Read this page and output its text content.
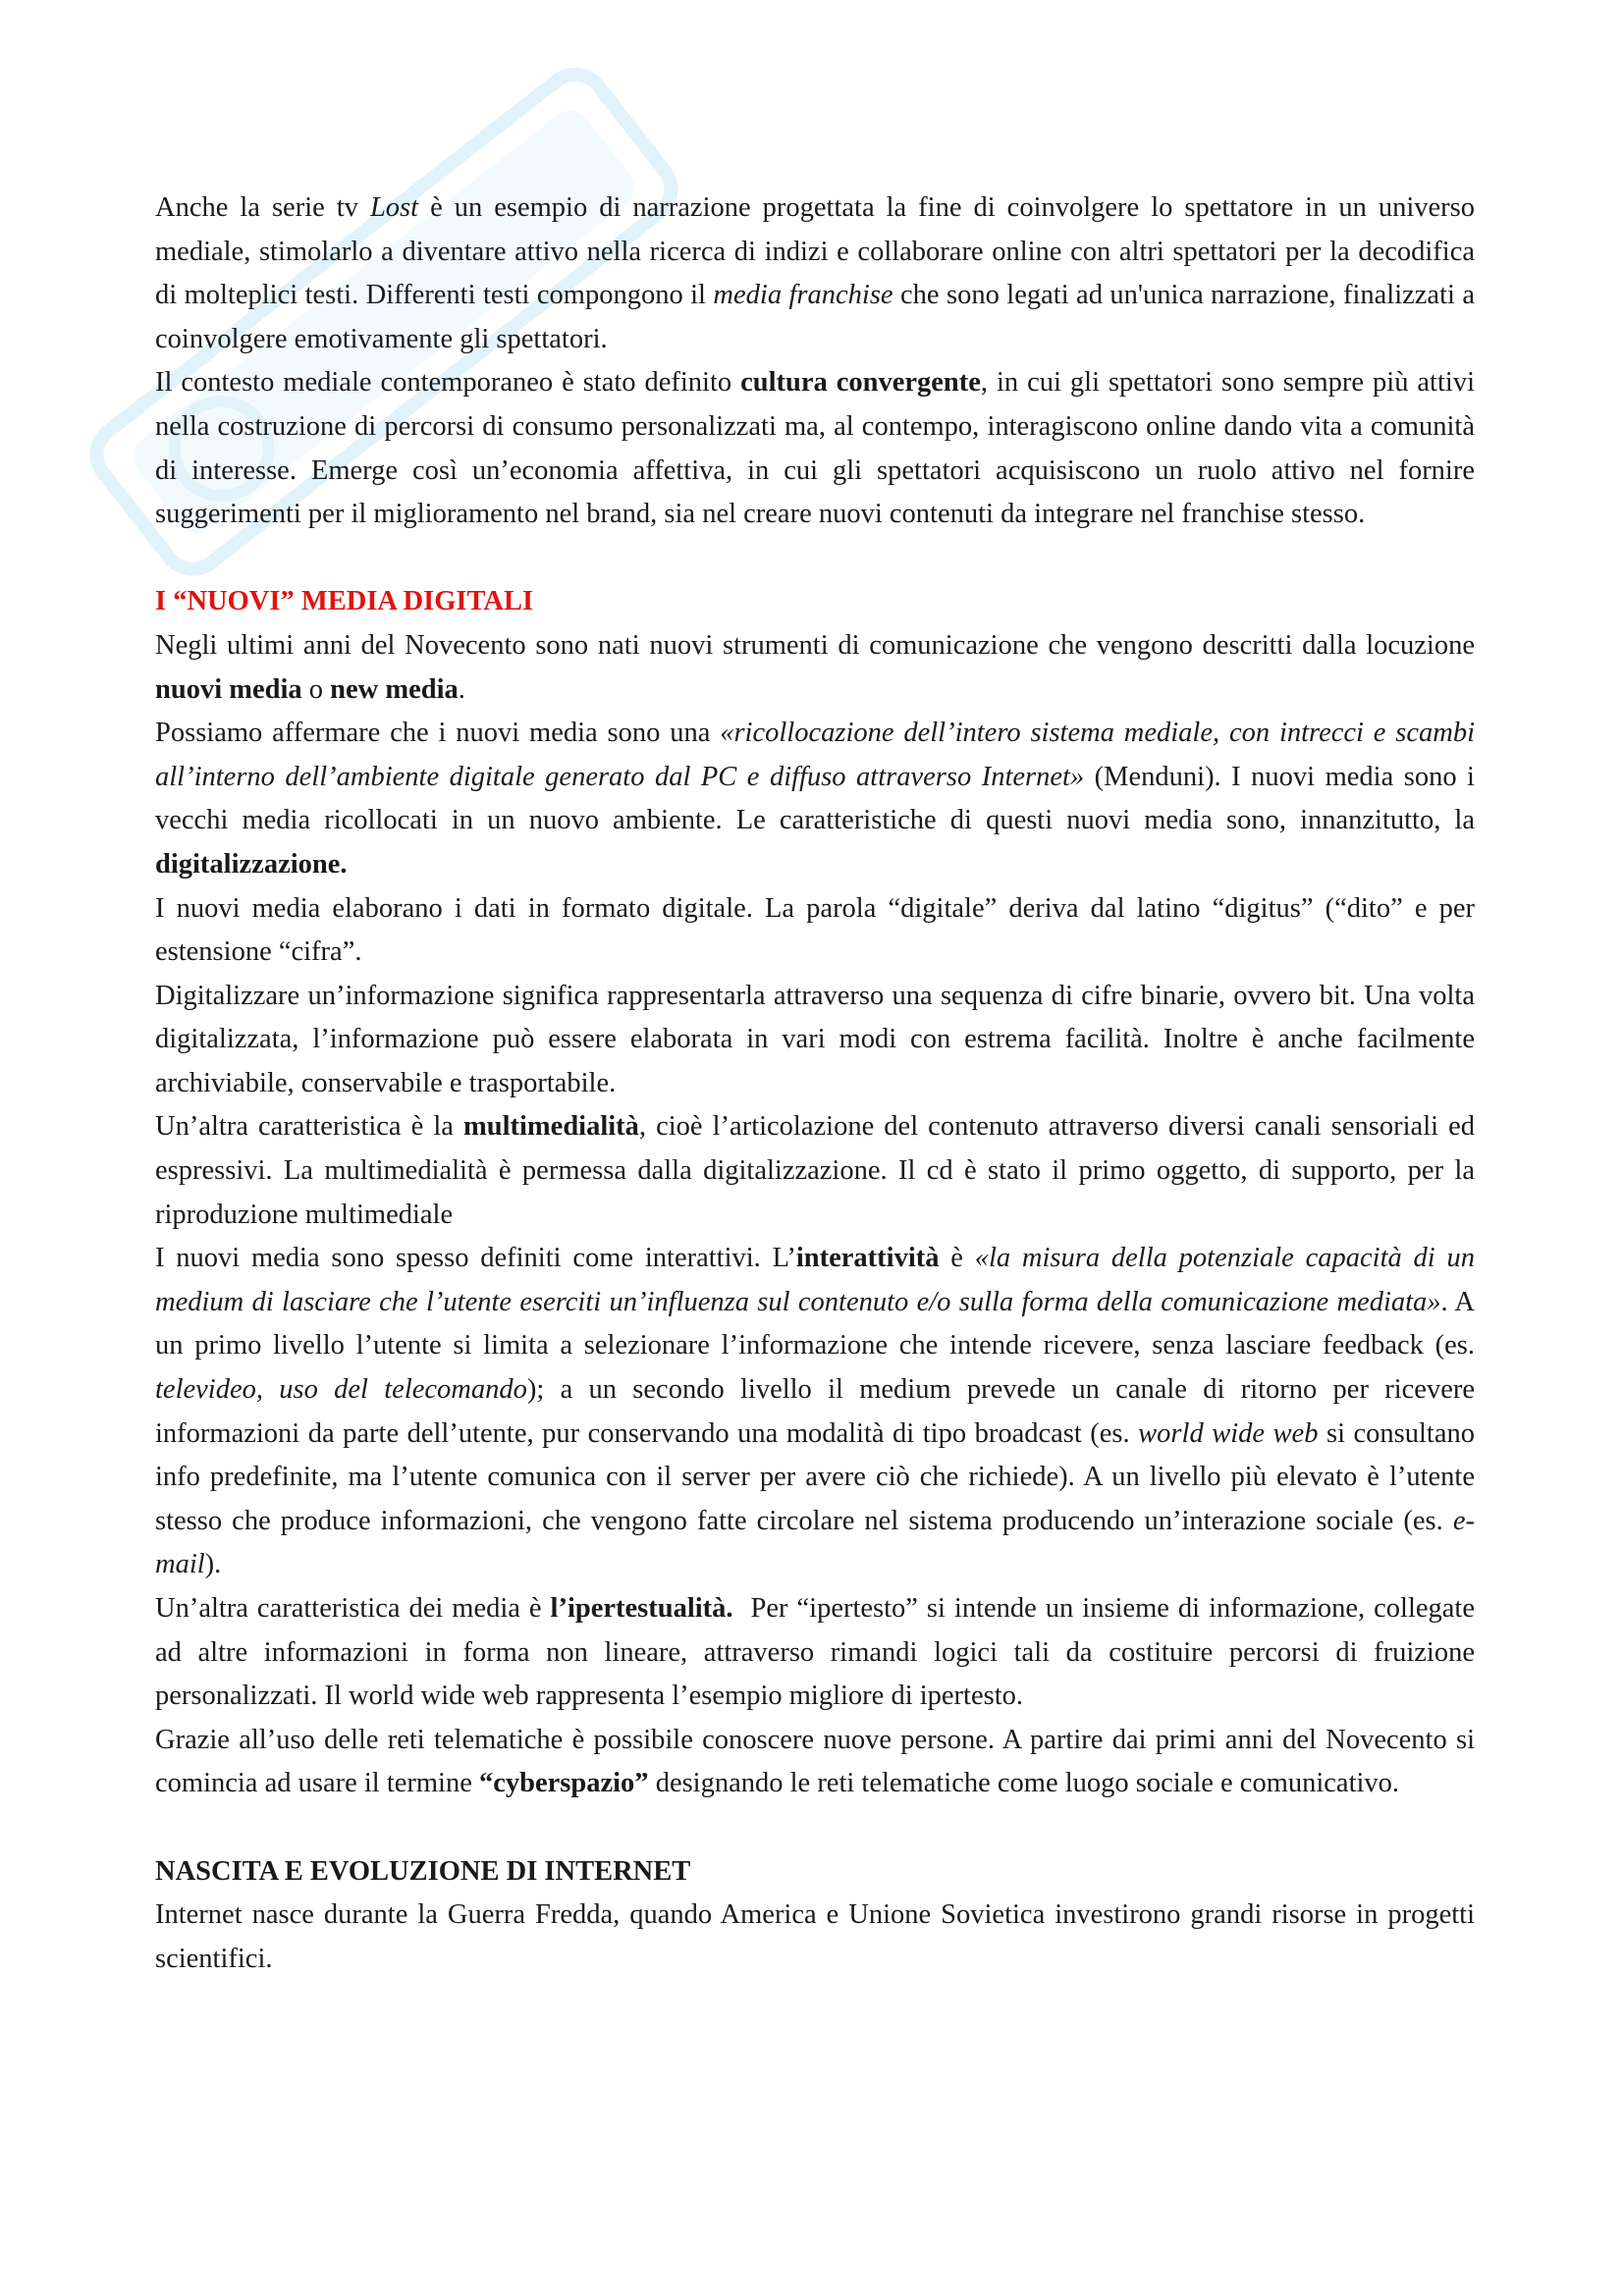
Anche la serie tv Lost è un esempio di narrazione progettata la fine di coinvolgere lo spettatore in un universo mediale, stimolarlo a diventare attivo nella ricerca di indizi e collaborare online con altri spettatori per la decodifica di molteplici testi. Differenti testi compongono il media franchise che sono legati ad un'unica narrazione, finalizzati a coinvolgere emotivamente gli spettatori.

Il contesto mediale contemporaneo è stato definito cultura convergente, in cui gli spettatori sono sempre più attivi nella costruzione di percorsi di consumo personalizzati ma, al contempo, interagiscono online dando vita a comunità di interesse. Emerge così un’economia affettiva, in cui gli spettatori acquisiscono un ruolo attivo nel fornire suggerimenti per il miglioramento nel brand, sia nel creare nuovi contenuti da integrare nel franchise stesso.

I “NUOVI” MEDIA DIGITALI

Negli ultimi anni del Novecento sono nati nuovi strumenti di comunicazione che vengono descritti dalla locuzione nuovi media o new media.

Possiamo affermare che i nuovi media sono una «ricollocazione dell’intero sistema mediale, con intrecci e scambi all’interno dell’ambiente digitale generato dal PC e diffuso attraverso Internet» (Menduni). I nuovi media sono i vecchi media ricollocati in un nuovo ambiente. Le caratteristiche di questi nuovi media sono, innanzitutto, la digitalizzazione.

I nuovi media elaborano i dati in formato digitale. La parola “digitale” deriva dal latino “digitus” (“dito” e per estensione “cifra”.

Digitalizzare un’informazione significa rappresentarla attraverso una sequenza di cifre binarie, ovvero bit. Una volta digitalizzata, l’informazione può essere elaborata in vari modi con estrema facilità. Inoltre è anche facilmente archiviabile, conservabile e trasportabile.

Un’altra caratteristica è la multimedialità, cioè l’articolazione del contenuto attraverso diversi canali sensoriali ed espressivi. La multimedialità è permessa dalla digitalizzazione. Il cd è stato il primo oggetto, di supporto, per la riproduzione multimediale

I nuovi media sono spesso definiti come interattivi. L’interattività è «la misura della potenziale capacità di un medium di lasciare che l’utente eserciti un’influenza sul contenuto e/o sulla forma della comunicazione mediata». A un primo livello l’utente si limita a selezionare l’informazione che intende ricevere, senza lasciare feedback (es. televideo, uso del telecomando); a un secondo livello il medium prevede un canale di ritorno per ricevere informazioni da parte dell’utente, pur conservando una modalità di tipo broadcast (es. world wide web si consultano info predefinite, ma l’utente comunica con il server per avere ciò che richiede). A un livello più elevato è l’utente stesso che produce informazioni, che vengono fatte circolare nel sistema producendo un’interazione sociale (es. e-mail).

Un’altra caratteristica dei media è l’ipertestualità.  Per “ipertesto” si intende un insieme di informazione, collegate ad altre informazioni in forma non lineare, attraverso rimandi logici tali da costituire percorsi di fruizione personalizzati. Il world wide web rappresenta l’esempio migliore di ipertesto.

Grazie all’uso delle reti telematiche è possibile conoscere nuove persone. A partire dai primi anni del Novecento si comincia ad usare il termine “cyberspazio” designando le reti telematiche come luogo sociale e comunicativo.

NASCITA E EVOLUZIONE DI INTERNET

Internet nasce durante la Guerra Fredda, quando America e Unione Sovietica investirono grandi risorse in progetti scientifici.
